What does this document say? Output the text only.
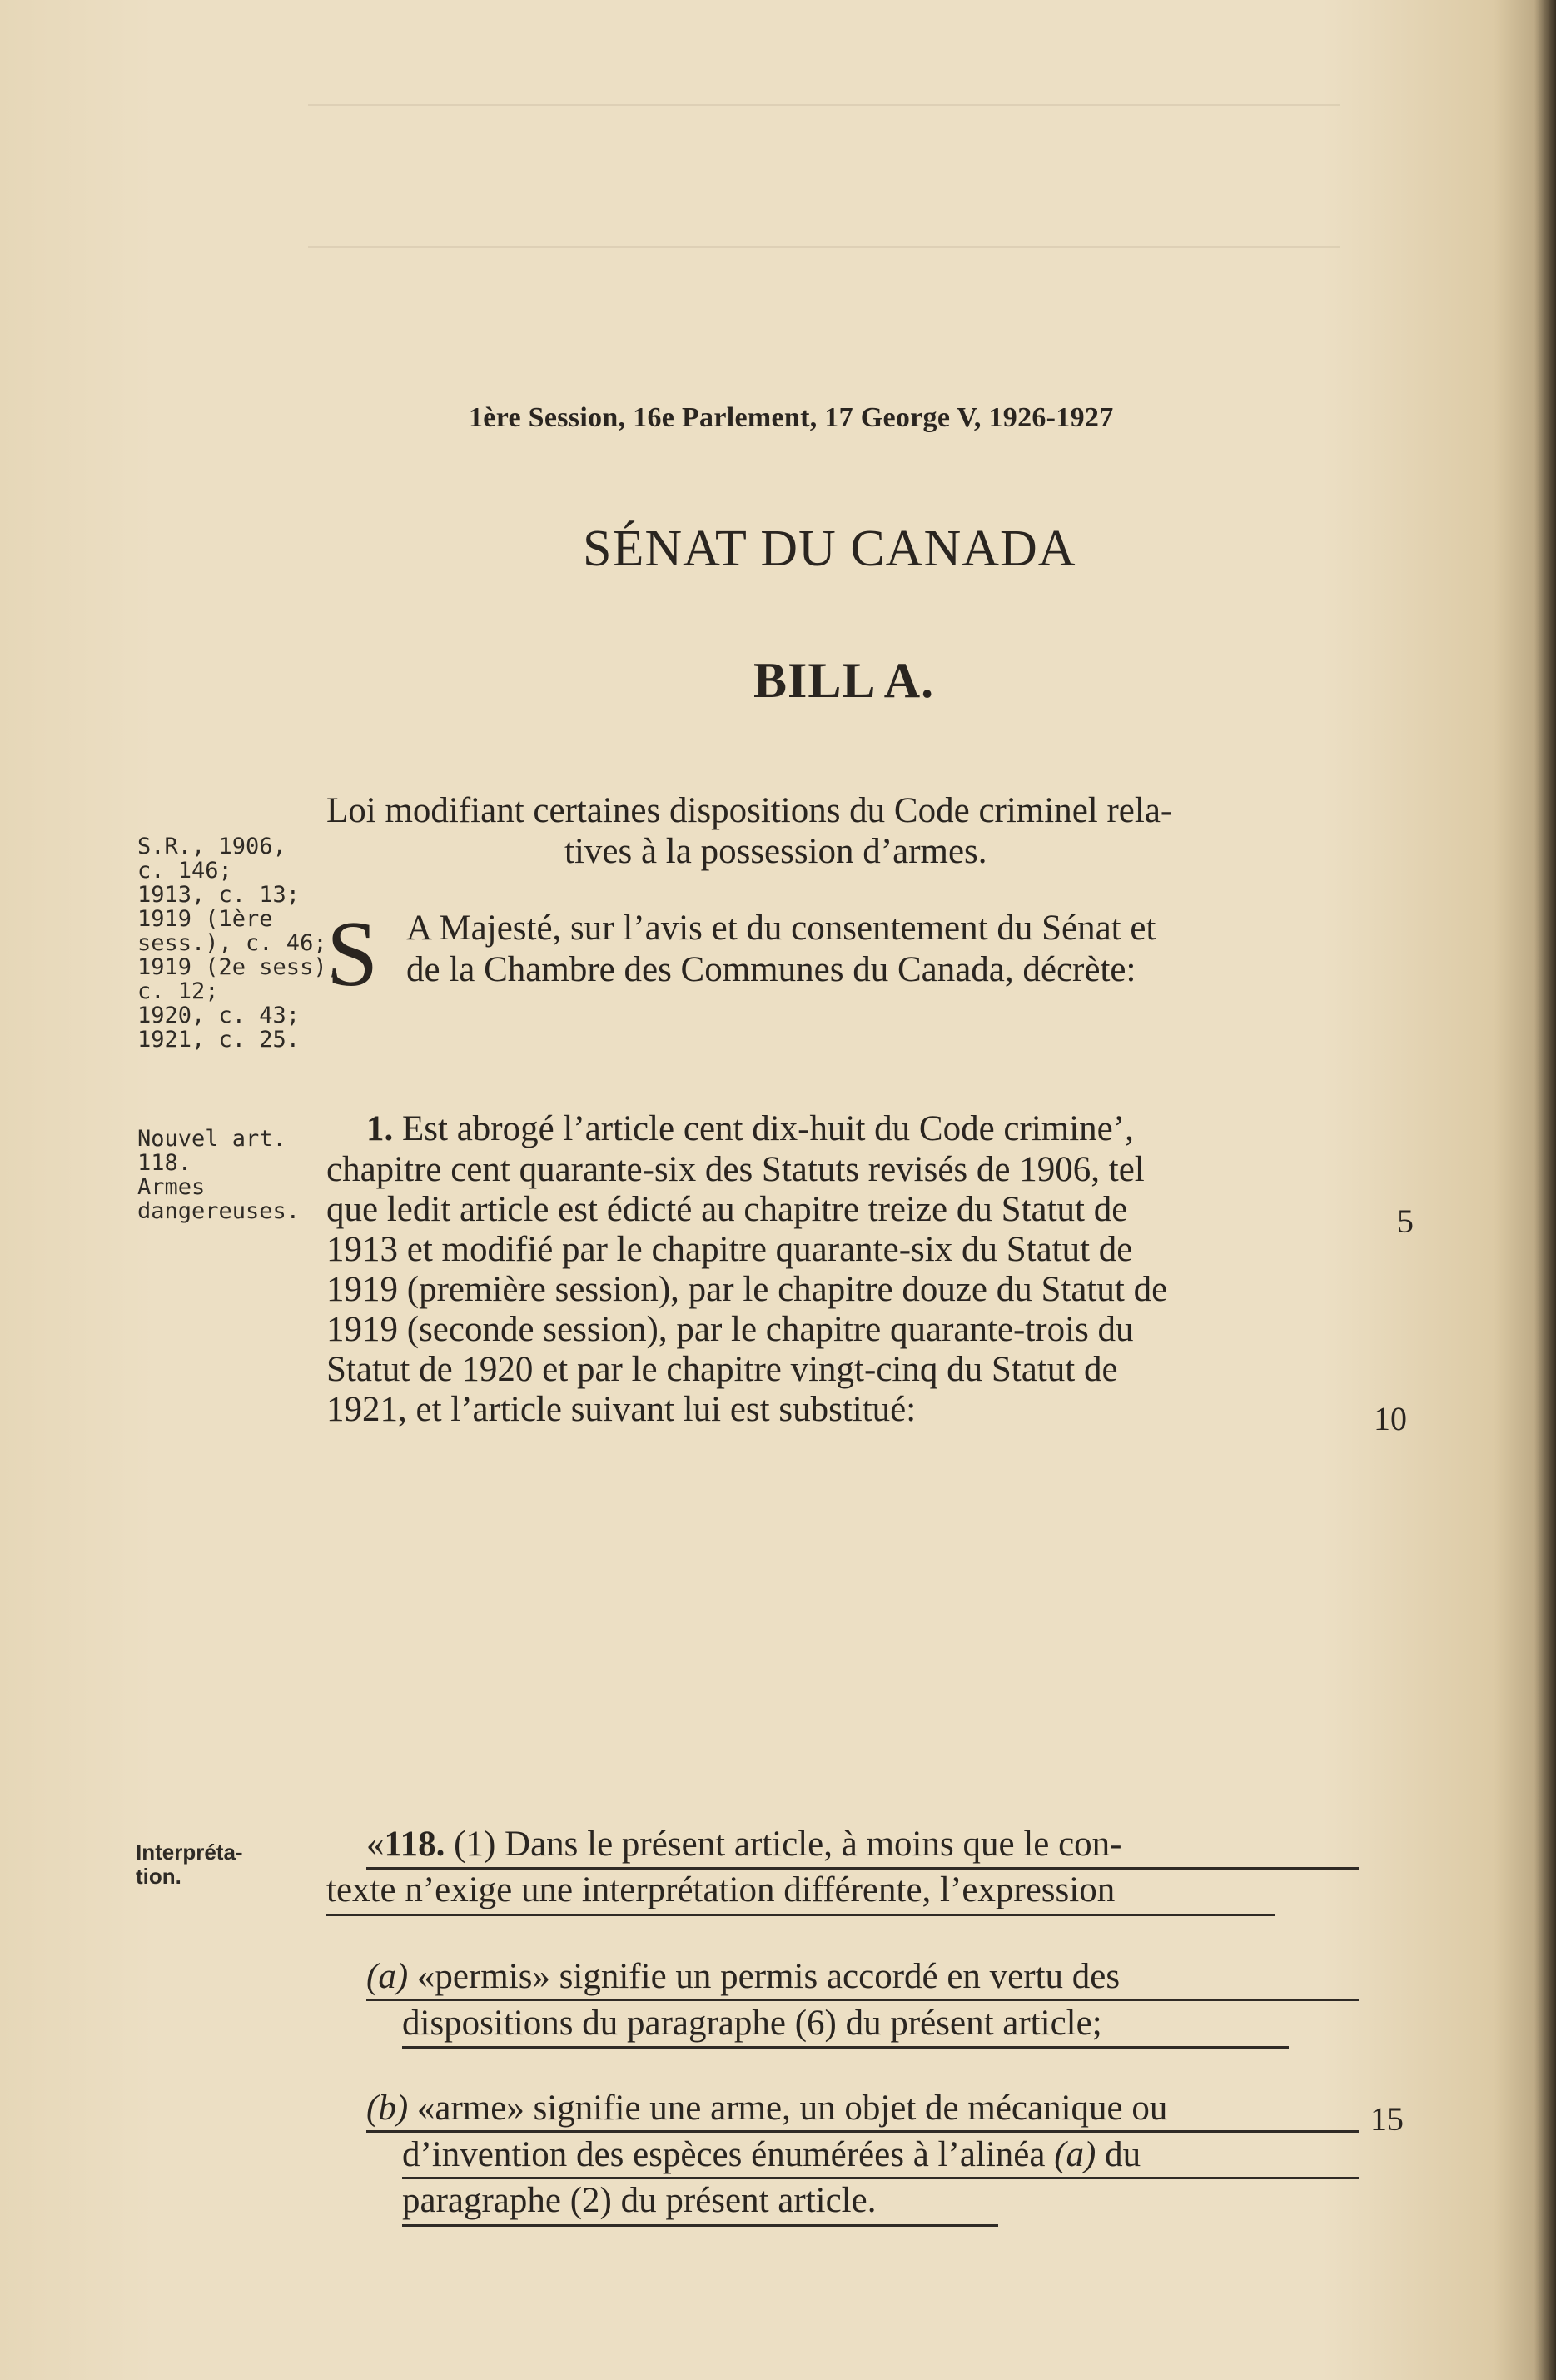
1ère Session, 16e Parlement, 17 George V, 1926-1927
SÉNAT DU CANADA
BILL A.
Loi modifiant certaines dispositions du Code criminel rela-
tives à la possession d’armes.
S.R., 1906,
c. 146;
1913, c. 13;
1919 (1ère
sess.), c. 46;
1919 (2e sess),
c. 12;
1920, c. 43;
1921, c. 25.
S A Majesté, sur l’avis et du consentement du Sénat et
de la Chambre des Communes du Canada, décrète:
Nouvel art.
118.
Armes
dangereuses.
1. Est abrogé l’article cent dix-huit du Code crimine’,
chapitre cent quarante-six des Statuts revisés de 1906, tel
que ledit article est édicté au chapitre treize du Statut de
1913 et modifié par le chapitre quarante-six du Statut de
1919 (première session), par le chapitre douze du Statut de
1919 (seconde session), par le chapitre quarante-trois du
Statut de 1920 et par le chapitre vingt-cinq du Statut de
1921, et l’article suivant lui est substitué:
5
10
Interpréta-
tion.
«118. (1) Dans le présent article, à moins que le con-
texte n’exige une interprétation différente, l’expression
(a) «permis» signifie un permis accordé en vertu des
dispositions du paragraphe (6) du présent article;
(b) «arme» signifie une arme, un objet de mécanique ou
d’invention des espèces énumérées à l’alinéa (a) du
paragraphe (2) du présent article.
15
